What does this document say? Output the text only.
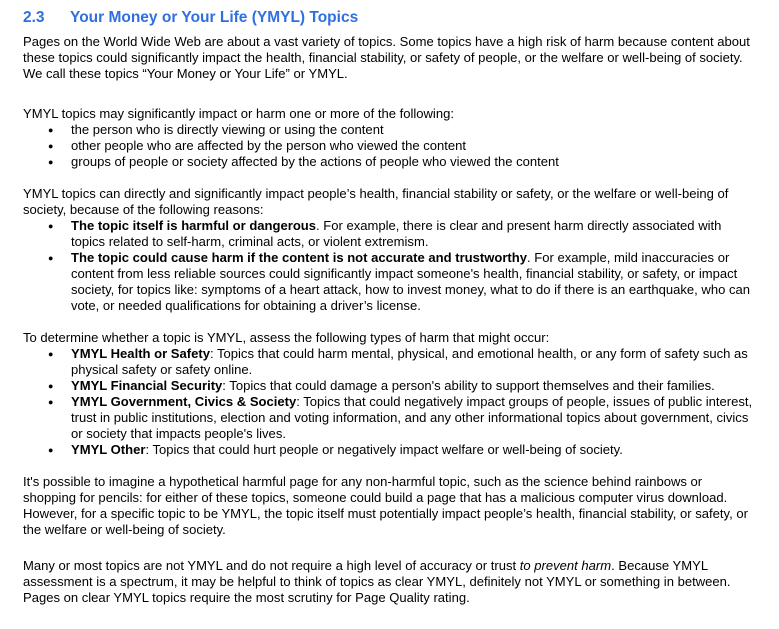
2.3 Your Money or Your Life (YMYL) Topics

Pages on the World Wide Web are about a vast variety of topics. Some topics have a high risk of harm because content about these topics could significantly impact the health, financial stability, or safety of people, or the welfare or well-being of society. We call these topics “Your Money or Your Life” or YMYL.

YMYL topics may significantly impact or harm one or more of the following:

● the person who is directly viewing or using the content
● other people who are affected by the person who viewed the content
● groups of people or society affected by the actions of people who viewed the content

YMYL topics can directly and significantly impact people’s health, financial stability or safety, or the welfare or well-being of society, because of the following reasons:

● The topic itself is harmful or dangerous. For example, there is clear and present harm directly associated with topics related to self-harm, criminal acts, or violent extremism.
● The topic could cause harm if the content is not accurate and trustworthy. For example, mild inaccuracies or content from less reliable sources could significantly impact someone's health, financial stability, or safety, or impact society, for topics like: symptoms of a heart attack, how to invest money, what to do if there is an earthquake, who can vote, or needed qualifications for obtaining a driver’s license.

To determine whether a topic is YMYL, assess the following types of harm that might occur:

● YMYL Health or Safety: Topics that could harm mental, physical, and emotional health, or any form of safety such as physical safety or safety online.
● YMYL Financial Security: Topics that could damage a person's ability to support themselves and their families.
● YMYL Government, Civics & Society: Topics that could negatively impact groups of people, issues of public interest, trust in public institutions, election and voting information, and any other informational topics about government, civics or society that impacts people's lives.
● YMYL Other: Topics that could hurt people or negatively impact welfare or well-being of society.

It's possible to imagine a hypothetical harmful page for any non-harmful topic, such as the science behind rainbows or shopping for pencils: for either of these topics, someone could build a page that has a malicious computer virus download. However, for a specific topic to be YMYL, the topic itself must potentially impact people’s health, financial stability, or safety, or the welfare or well-being of society.

Many or most topics are not YMYL and do not require a high level of accuracy or trust to prevent harm. Because YMYL assessment is a spectrum, it may be helpful to think of topics as clear YMYL, definitely not YMYL or something in between. Pages on clear YMYL topics require the most scrutiny for Page Quality rating.
